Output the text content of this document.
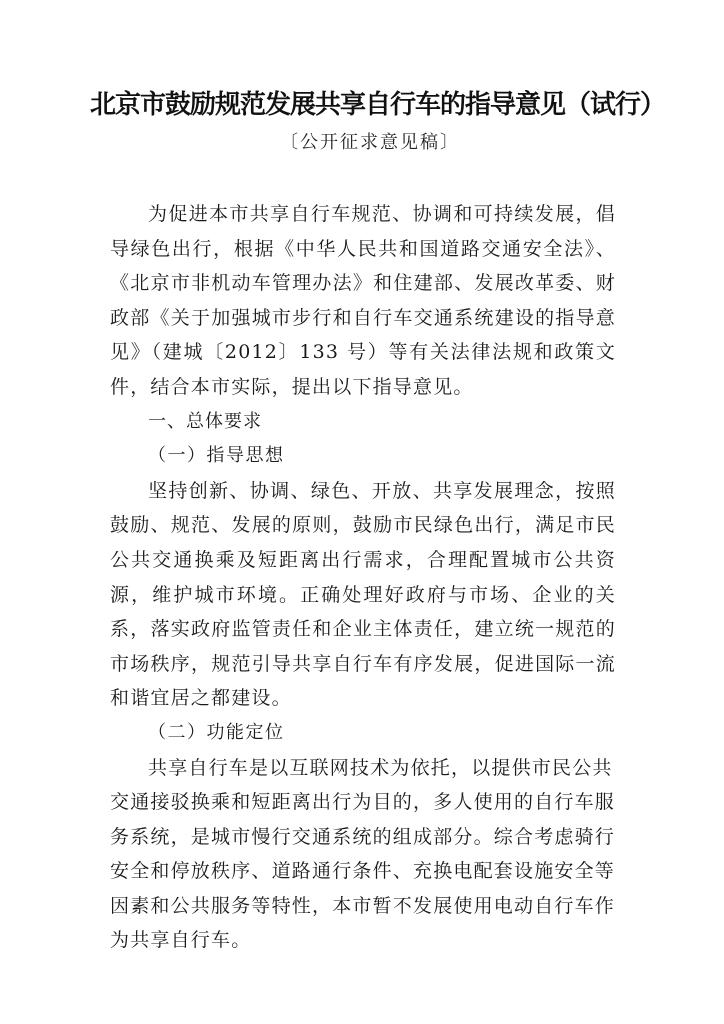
北京市鼓励规范发展共享自行车的指导意见（试行）
〔公开征求意见稿〕

为促进本市共享自行车规范、协调和可持续发展，倡导绿色出行，根据《中华人民共和国道路交通安全法》、《北京市非机动车管理办法》和住建部、发展改革委、财政部《关于加强城市步行和自行车交通系统建设的指导意见》（建城〔2012〕133 号）等有关法律法规和政策文件，结合本市实际，提出以下指导意见。

一、总体要求

（一）指导思想

坚持创新、协调、绿色、开放、共享发展理念，按照鼓励、规范、发展的原则，鼓励市民绿色出行，满足市民公共交通换乘及短距离出行需求，合理配置城市公共资源，维护城市环境。正确处理好政府与市场、企业的关系，落实政府监管责任和企业主体责任，建立统一规范的市场秩序，规范引导共享自行车有序发展，促进国际一流和谐宜居之都建设。

（二）功能定位

共享自行车是以互联网技术为依托，以提供市民公共交通接驳换乘和短距离出行为目的，多人使用的自行车服务系统，是城市慢行交通系统的组成部分。综合考虑骑行安全和停放秩序、道路通行条件、充换电配套设施安全等因素和公共服务等特性，本市暂不发展使用电动自行车作为共享自行车。
